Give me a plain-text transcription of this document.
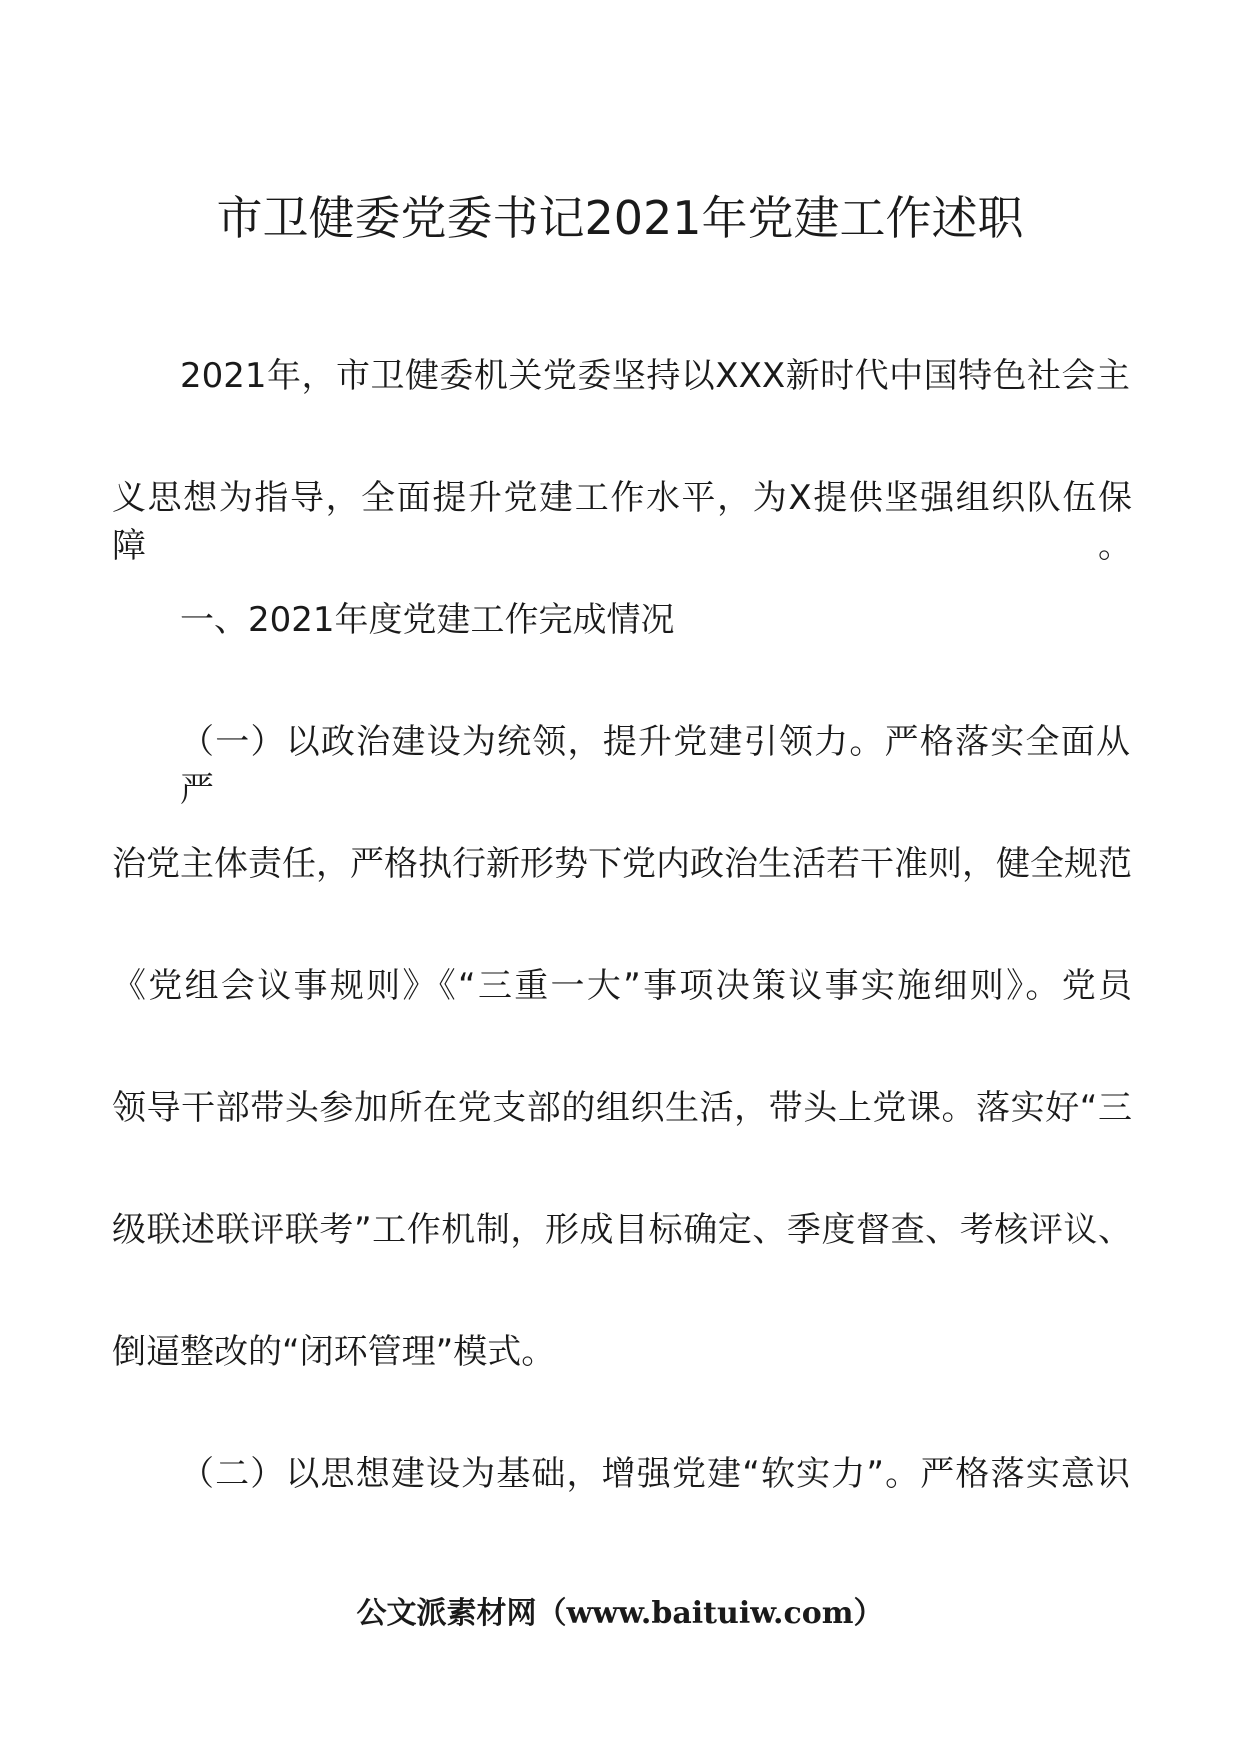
市卫健委党委书记2021年党建工作述职

2021年，市卫健委机关党委坚持以XXX新时代中国特色社会主

义思想为指导，全面提升党建工作水平，为X提供坚强组织队伍保障。

一、2021年度党建工作完成情况

（一）以政治建设为统领，提升党建引领力。严格落实全面从严

治党主体责任，严格执行新形势下党内政治生活若干准则，健全规范

《党组会议事规则》《“三重一大”事项决策议事实施细则》。党员

领导干部带头参加所在党支部的组织生活，带头上党课。落实好“三

级联述联评联考”工作机制，形成目标确定、季度督查、考核评议、

倒逼整改的“闭环管理”模式。

（二）以思想建设为基础，增强党建“软实力”。严格落实意识

公文派素材网（www.baituiw.com）
